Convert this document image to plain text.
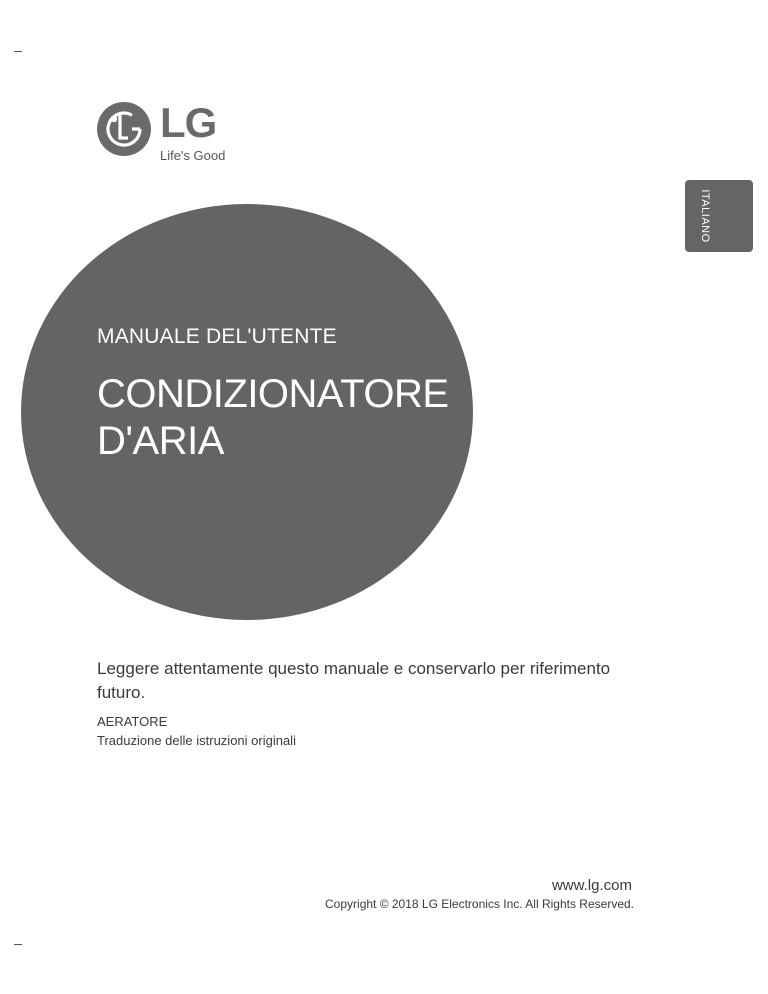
LG
Life's Good
ITALIANO
MANUALE DEL'UTENTE
CONDIZIONATORE
D'ARIA
Leggere attentamente questo manuale e conservarlo per riferimento futuro.
AERATORE
Traduzione delle istruzioni originali
www.lg.com
Copyright © 2018 LG Electronics Inc. All Rights Reserved.
